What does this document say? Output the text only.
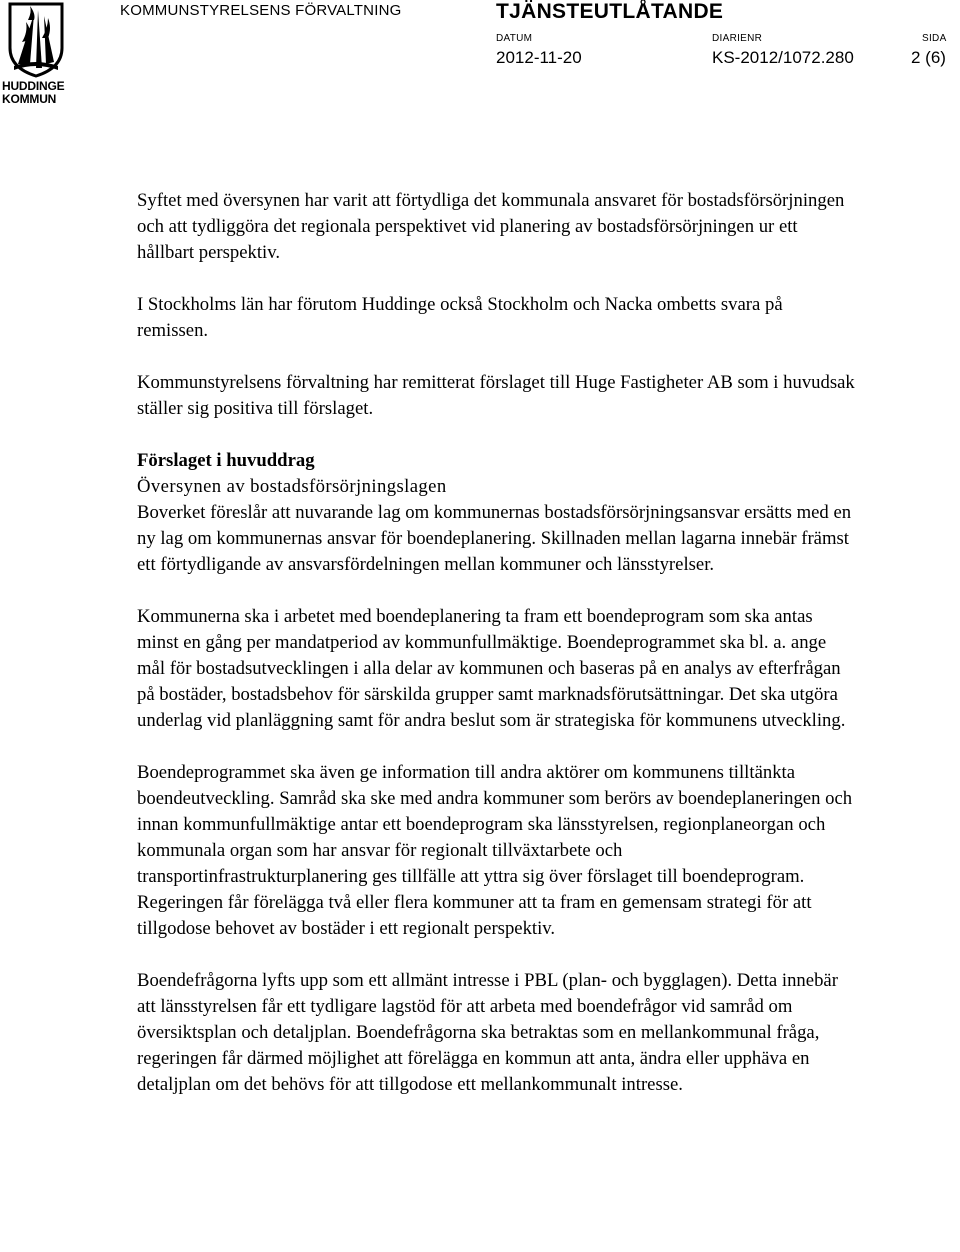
HUDDINGE
KOMMUN
KOMMUNSTYRELSENS FÖRVALTNING	TJÄNSTEUTLÅTANDE
DATUM
2012-11-20
DIARIENR
KS-2012/1072.280
SIDA
2 (6)

Syftet med översynen har varit att förtydliga det kommunala ansvaret för bostadsförsörjningen och att tydliggöra det regionala perspektivet vid planering av bostadsförsörjningen ur ett hållbart perspektiv.

I Stockholms län har förutom Huddinge också Stockholm och Nacka ombetts svara på remissen.

Kommunstyrelsens förvaltning har remitterat förslaget till Huge Fastigheter AB som i huvudsak ställer sig positiva till förslaget.

Förslaget i huvuddrag
Översynen av bostadsförsörjningslagen
Boverket föreslår att nuvarande lag om kommunernas bostadsförsörjningsansvar ersätts med en ny lag om kommunernas ansvar för boendeplanering. Skillnaden mellan lagarna innebär främst ett förtydligande av ansvarsfördelningen mellan kommuner och länsstyrelser.

Kommunerna ska i arbetet med boendeplanering ta fram ett boendeprogram som ska antas minst en gång per mandatperiod av kommunfullmäktige. Boendeprogrammet ska bl. a. ange mål för bostadsutvecklingen i alla delar av kommunen och baseras på en analys av efterfrågan på bostäder, bostadsbehov för särskilda grupper samt marknadsförutsättningar. Det ska utgöra underlag vid planläggning samt för andra beslut som är strategiska för kommunens utveckling.

Boendeprogrammet ska även ge information till andra aktörer om kommunens tilltänkta boendeutveckling. Samråd ska ske med andra kommuner som berörs av boendeplaneringen och innan kommunfullmäktige antar ett boendeprogram ska länsstyrelsen, regionplaneorgan och kommunala organ som har ansvar för regionalt tillväxtarbete och transportinfrastrukturplanering ges tillfälle att yttra sig över förslaget till boendeprogram. Regeringen får förelägga två eller flera kommuner att ta fram en gemensam strategi för att tillgodose behovet av bostäder i ett regionalt perspektiv.

Boendefrågorna lyfts upp som ett allmänt intresse i PBL (plan- och bygglagen). Detta innebär att länsstyrelsen får ett tydligare lagstöd för att arbeta med boendefrågor vid samråd om översiktsplan och detaljplan. Boendefrågorna ska betraktas som en mellankommunal fråga, regeringen får därmed möjlighet att förelägga en kommun att anta, ändra eller upphäva en detaljplan om det behövs för att tillgodose ett mellankommunalt intresse.
